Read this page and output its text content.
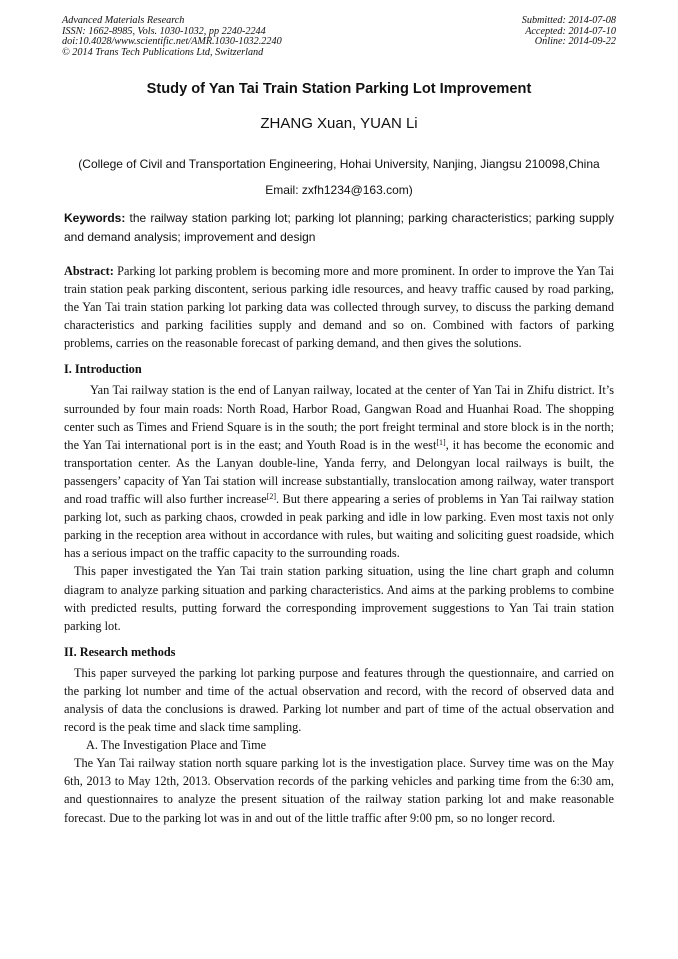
Advanced Materials Research
ISSN: 1662-8985, Vols. 1030-1032, pp 2240-2244
doi:10.4028/www.scientific.net/AMR.1030-1032.2240
© 2014 Trans Tech Publications Ltd, Switzerland
Submitted: 2014-07-08
Accepted: 2014-07-10
Online: 2014-09-22
Study of Yan Tai Train Station Parking Lot Improvement
ZHANG Xuan, YUAN Li
(College of Civil and Transportation Engineering, Hohai University, Nanjing, Jiangsu 210098,China
Email: zxfh1234@163.com)
Keywords: the railway station parking lot; parking lot planning; parking characteristics; parking supply and demand analysis; improvement and design

Abstract: Parking lot parking problem is becoming more and more prominent. In order to improve the Yan Tai train station peak parking discontent, serious parking idle resources, and heavy traffic caused by road parking, the Yan Tai train station parking lot parking data was collected through survey, to discuss the parking demand characteristics and parking facilities supply and demand and so on. Combined with factors of parking problems, carries on the reasonable forecast of parking demand, and then gives the solutions.

I. Introduction

Yan Tai railway station is the end of Lanyan railway, located at the center of Yan Tai in Zhifu district. It’s surrounded by four main roads: North Road, Harbor Road, Gangwan Road and Huanhai Road. The shopping center such as Times and Friend Square is in the south; the port freight terminal and store block is in the north; the Yan Tai international port is in the east; and Youth Road is in the west[1], it has become the economic and transportation center. As the Lanyan double-line, Yanda ferry, and Delongyan local railways is built, the passengers’ capacity of Yan Tai station will increase substantially, translocation among railway, water transport and road traffic will also further increase[2]. But there appearing a series of problems in Yan Tai railway station parking lot, such as parking chaos, crowded in peak parking and idle in low parking. Even most taxis not only parking in the reception area without in accordance with rules, but waiting and soliciting guest roadside, which has a serious impact on the traffic capacity to the surrounding roads.

This paper investigated the Yan Tai train station parking situation, using the line chart graph and column diagram to analyze parking situation and parking characteristics. And aims at the parking problems to combine with predicted results, putting forward the corresponding improvement suggestions to Yan Tai train station parking lot.

II. Research methods

This paper surveyed the parking lot parking purpose and features through the questionnaire, and carried on the parking lot number and time of the actual observation and record, with the record of observed data and analysis of data the conclusions is drawed. Parking lot number and part of time of the actual observation and record is the peak time and slack time sampling.

A. The Investigation Place and Time

The Yan Tai railway station north square parking lot is the investigation place. Survey time was on the May 6th, 2013 to May 12th, 2013. Observation records of the parking vehicles and parking time from the 6:30 am, and questionnaires to analyze the present situation of the railway station parking lot and make reasonable forecast. Due to the parking lot was in and out of the little traffic after 9:00 pm, so no longer record.
